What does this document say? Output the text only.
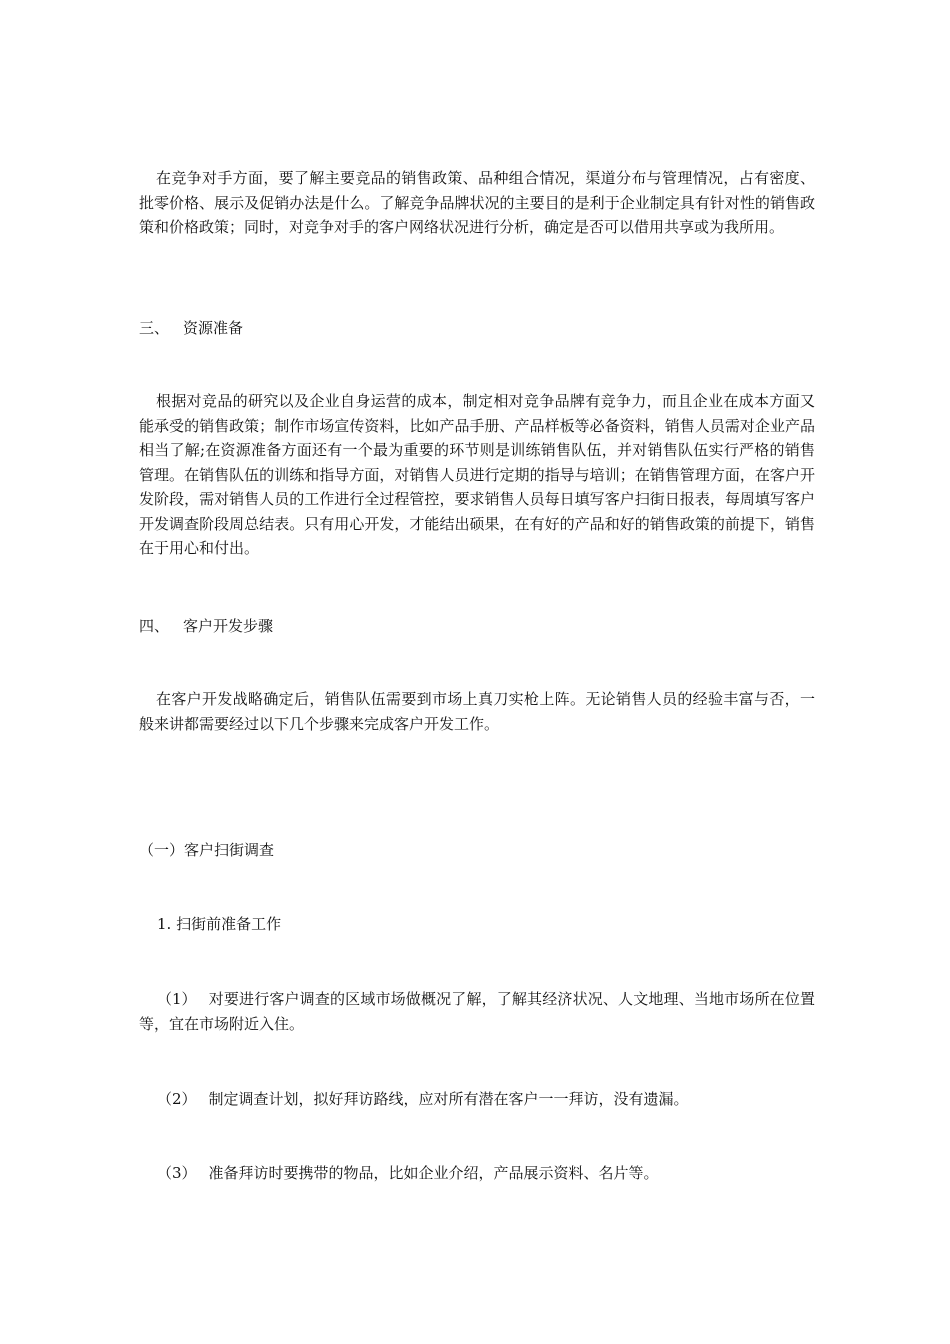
在竞争对手方面，要了解主要竞品的销售政策、品种组合情况，渠道分布与管理情况，占有密度、批零价格、展示及促销办法是什么。了解竞争品牌状况的主要目的是利于企业制定具有针对性的销售政策和价格政策；同时，对竞争对手的客户网络状况进行分析，确定是否可以借用共享或为我所用。

三、 资源准备

根据对竞品的研究以及企业自身运营的成本，制定相对竞争品牌有竞争力，而且企业在成本方面又能承受的销售政策；制作市场宣传资料，比如产品手册、产品样板等必备资料，销售人员需对企业产品相当了解;在资源准备方面还有一个最为重要的环节则是训练销售队伍，并对销售队伍实行严格的销售管理。在销售队伍的训练和指导方面，对销售人员进行定期的指导与培训；在销售管理方面，在客户开发阶段，需对销售人员的工作进行全过程管控，要求销售人员每日填写客户扫街日报表，每周填写客户开发调查阶段周总结表。只有用心开发，才能结出硕果，在有好的产品和好的销售政策的前提下，销售在于用心和付出。

四、 客户开发步骤

在客户开发战略确定后，销售队伍需要到市场上真刀实枪上阵。无论销售人员的经验丰富与否，一般来讲都需要经过以下几个步骤来完成客户开发工作。

（一）客户扫街调查

1. 扫街前准备工作

（1） 对要进行客户调查的区域市场做概况了解，了解其经济状况、人文地理、当地市场所在位置等，宜在市场附近入住。

（2） 制定调查计划，拟好拜访路线，应对所有潜在客户一一拜访，没有遗漏。

（3） 准备拜访时要携带的物品，比如企业介绍，产品展示资料、名片等。
